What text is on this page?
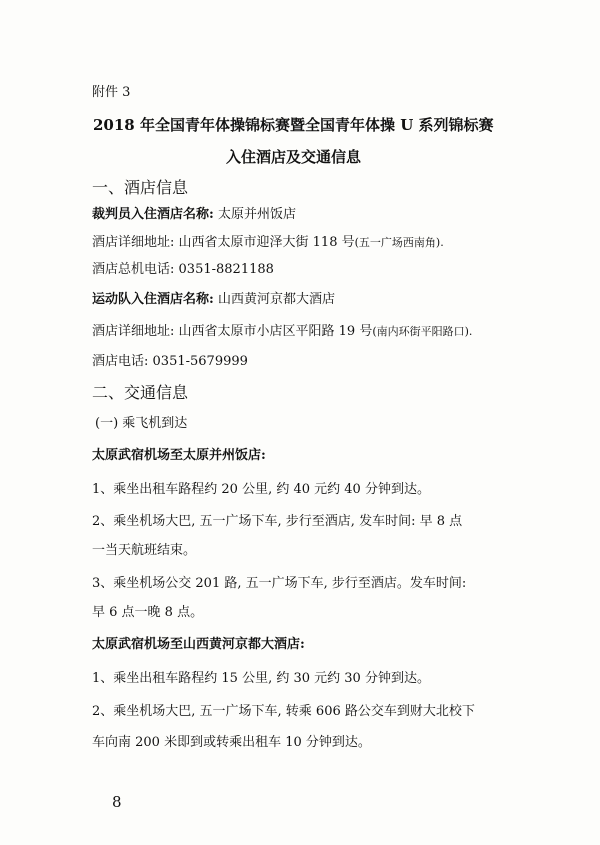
附件 3
2018 年全国青年体操锦标赛暨全国青年体操 U 系列锦标赛
入住酒店及交通信息
一、酒店信息
裁判员入住酒店名称: 太原并州饭店
酒店详细地址: 山西省太原市迎泽大街 118 号(五一广场西南角).
酒店总机电话: 0351-8821188
运动队入住酒店名称: 山西黄河京都大酒店
酒店详细地址: 山西省太原市小店区平阳路 19 号(南内环街平阳路口).
酒店电话: 0351-5679999
二、交通信息
(一) 乘飞机到达
太原武宿机场至太原并州饭店:
1、乘坐出租车路程约 20 公里, 约 40 元约 40 分钟到达。
2、乘坐机场大巴, 五一广场下车, 步行至酒店, 发车时间: 早 8 点
一当天航班结束。
3、乘坐机场公交 201 路, 五一广场下车, 步行至酒店。发车时间:
早 6 点一晚 8 点。
太原武宿机场至山西黄河京都大酒店:
1、乘坐出租车路程约 15 公里, 约 30 元约 30 分钟到达。
2、乘坐机场大巴, 五一广场下车, 转乘 606 路公交车到财大北校下
车向南 200 米即到或转乘出租车 10 分钟到达。
8
